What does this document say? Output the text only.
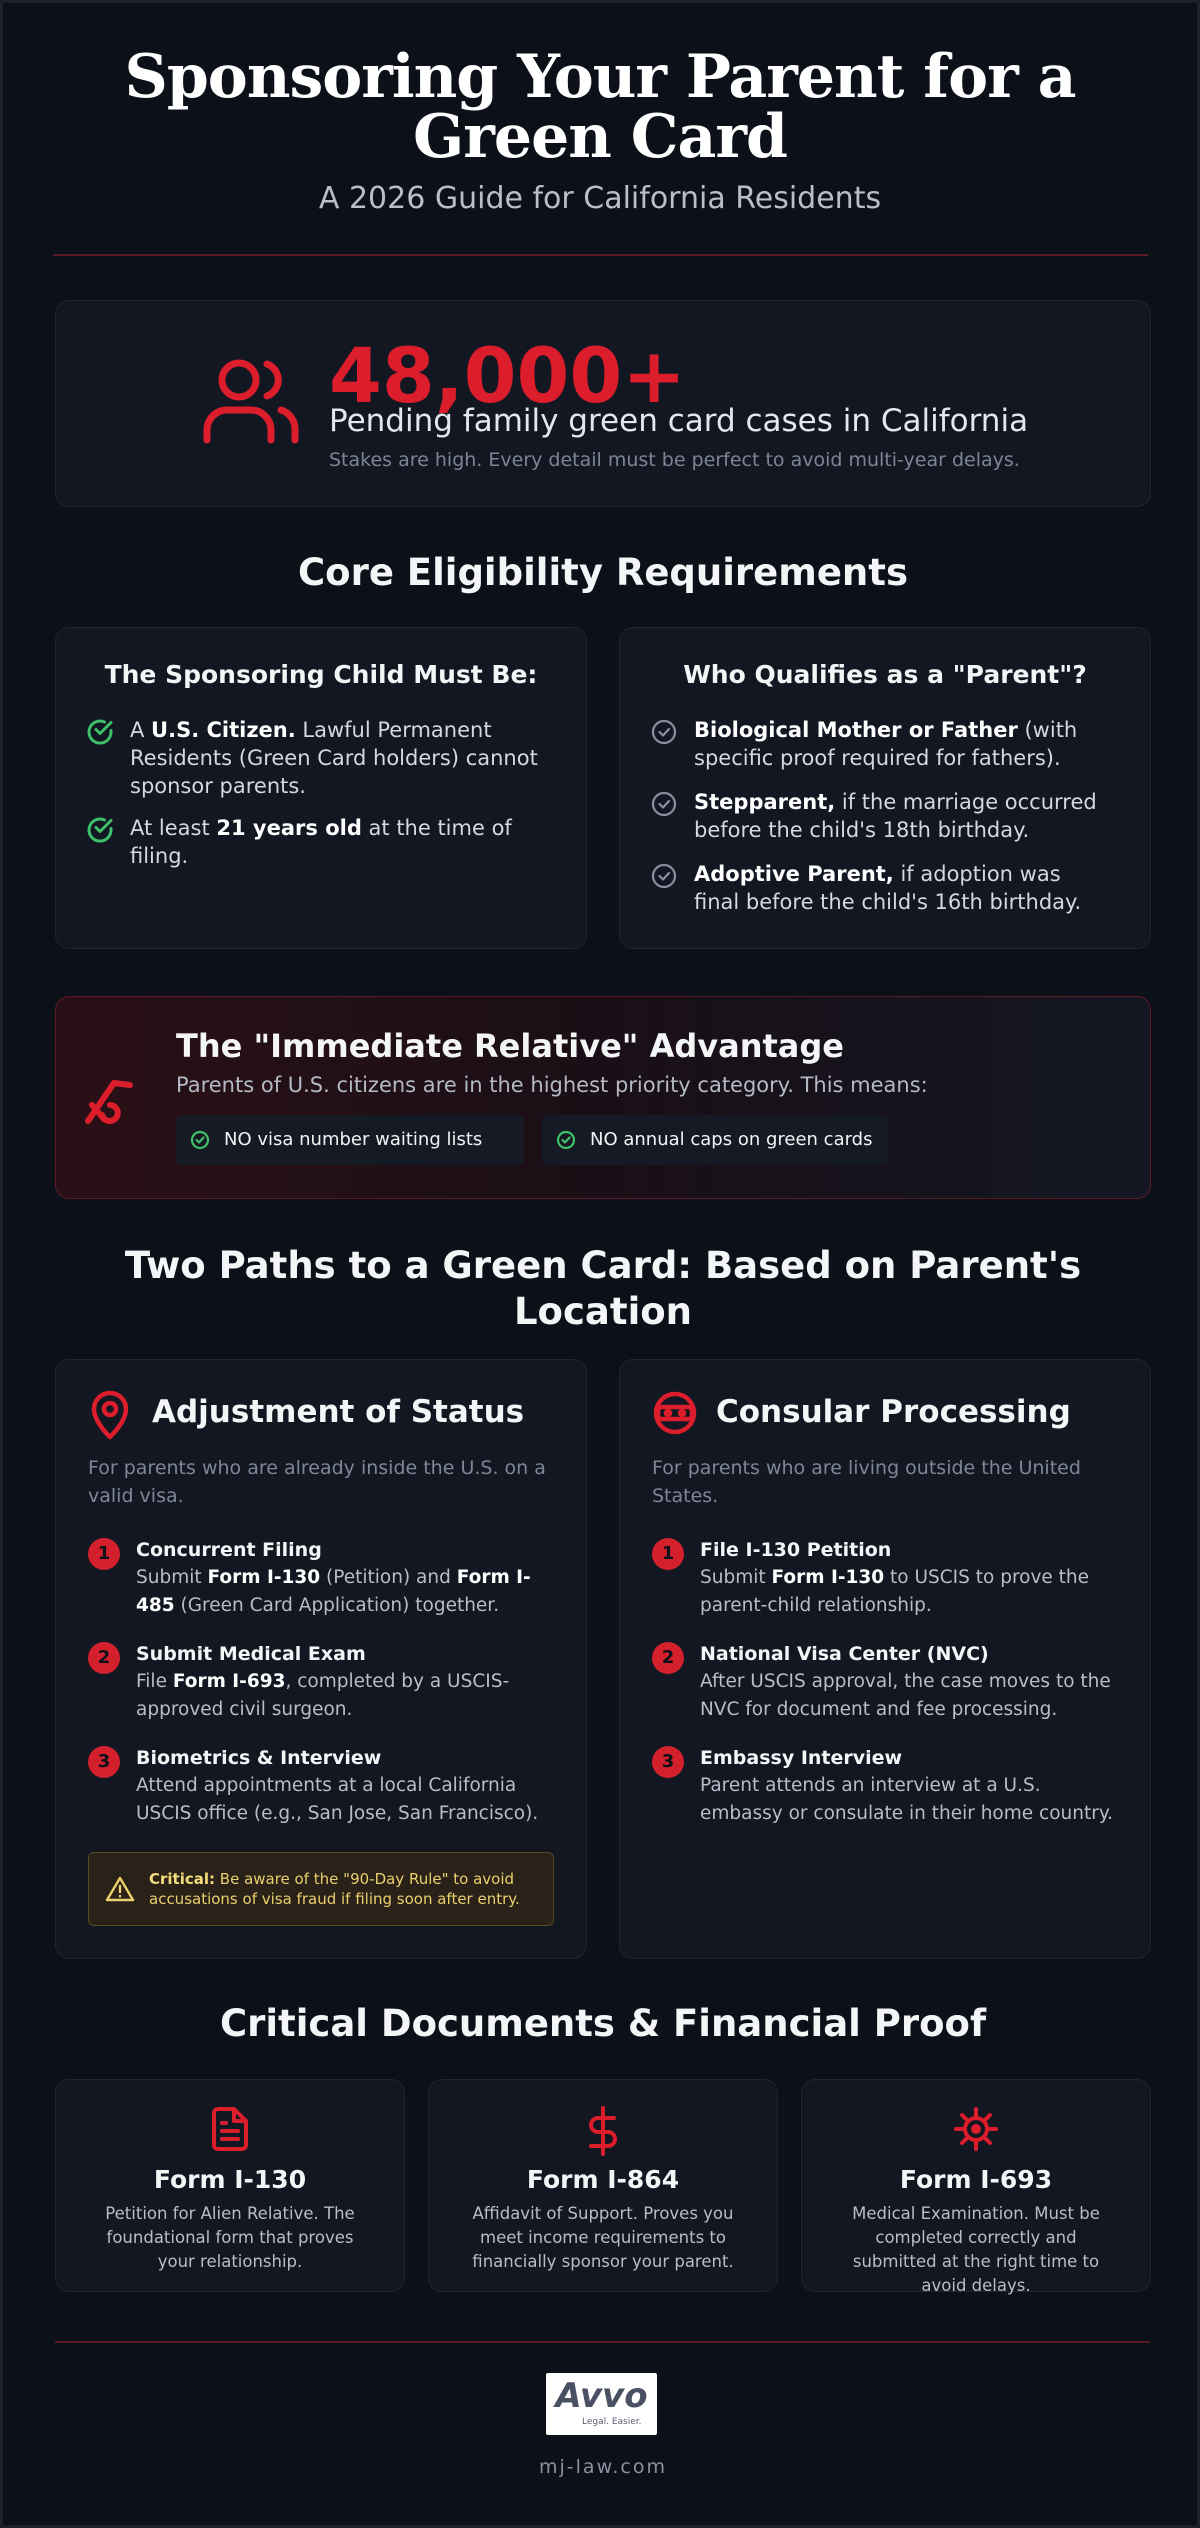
Sponsoring Your Parent for a Green Card
A 2026 Guide for California Residents
48,000+
Pending family green card cases in California
Stakes are high. Every detail must be perfect to avoid multi-year delays.
Core Eligibility Requirements
The Sponsoring Child Must Be:
A U.S. Citizen. Lawful Permanent Residents (Green Card holders) cannot sponsor parents.
At least 21 years old at the time of filing.
Who Qualifies as a "Parent"?
Biological Mother or Father (with specific proof required for fathers).
Stepparent, if the marriage occurred before the child's 18th birthday.
Adoptive Parent, if adoption was final before the child's 16th birthday.
The "Immediate Relative" Advantage

Parents of U.S. citizens are in the highest priority category. This means:

NO visa number waiting lists	NO annual caps on green cards
Two Paths to a Green Card: Based on Parent's Location
Adjustment of Status
For parents who are already inside the U.S. on a valid visa.
1	Concurrent Filing
Submit Form I-130 (Petition) and Form I-485 (Green Card Application) together.
2	Submit Medical Exam
File Form I-693, completed by a USCIS-approved civil surgeon.
3	Biometrics & Interview
Attend appointments at a local California USCIS office (e.g., San Jose, San Francisco).
Critical: Be aware of the "90-Day Rule" to avoid accusations of visa fraud if filing soon after entry.
Consular Processing
For parents who are living outside the United States.
1	File I-130 Petition
Submit Form I-130 to USCIS to prove the parent-child relationship.
2	National Visa Center (NVC)
After USCIS approval, the case moves to the NVC for document and fee processing.
3	Embassy Interview
Parent attends an interview at a U.S. embassy or consulate in their home country.
Critical Documents & Financial Proof
Form I-130

Petition for Alien Relative. The foundational form that proves your relationship.

Form I-864

Affidavit of Support. Proves you meet income requirements to financially sponsor your parent.

Form I-693

Medical Examination. Must be completed correctly and submitted at the right time to avoid delays.

Avvo
Legal. Easier.
mj-law.com
